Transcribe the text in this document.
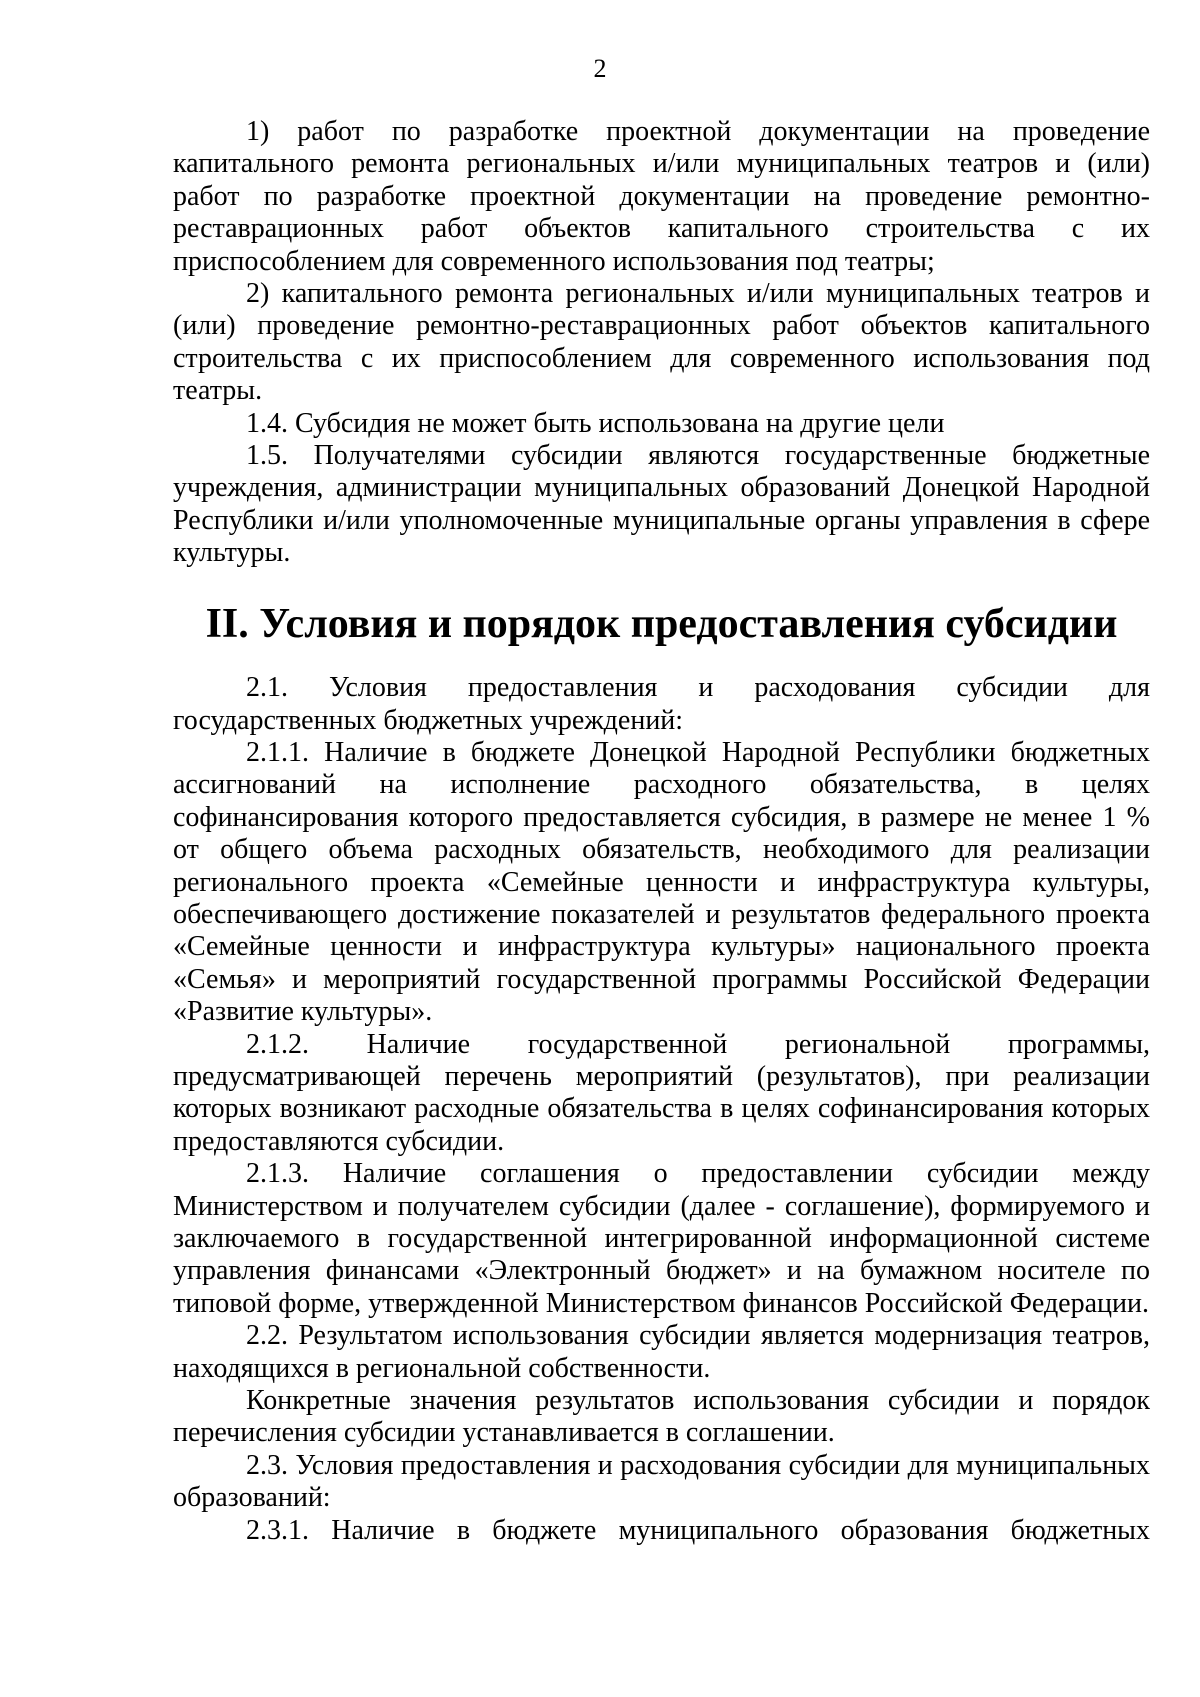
2

1) работ по разработке проектной документации на проведение капитального ремонта региональных и/или муниципальных театров и (или) работ по разработке проектной документации на проведение ремонтно-реставрационных работ объектов капитального строительства с их приспособлением для современного использования под театры;

2) капитального ремонта региональных и/или муниципальных театров и (или) проведение ремонтно-реставрационных работ объектов капитального строительства с их приспособлением для современного использования под театры.

1.4. Субсидия не может быть использована на другие цели

1.5. Получателями субсидии являются государственные бюджетные учреждения, администрации муниципальных образований Донецкой Народной Республики и/или уполномоченные муниципальные органы управления в сфере культуры.

II. Условия и порядок предоставления субсидии

2.1. Условия предоставления и расходования субсидии для государственных бюджетных учреждений:

2.1.1. Наличие в бюджете Донецкой Народной Республики бюджетных ассигнований на исполнение расходного обязательства, в целях софинансирования которого предоставляется субсидия, в размере не менее 1 % от общего объема расходных обязательств, необходимого для реализации регионального проекта «Семейные ценности и инфраструктура культуры, обеспечивающего достижение показателей и результатов федерального проекта «Семейные ценности и инфраструктура культуры» национального проекта «Семья» и мероприятий государственной программы Российской Федерации «Развитие культуры».

2.1.2. Наличие государственной региональной программы, предусматривающей перечень мероприятий (результатов), при реализации которых возникают расходные обязательства в целях софинансирования которых предоставляются субсидии.

2.1.3. Наличие соглашения о предоставлении субсидии между Министерством и получателем субсидии (далее - соглашение), формируемого и заключаемого в государственной интегрированной информационной системе управления финансами «Электронный бюджет» и на бумажном носителе по типовой форме, утвержденной Министерством финансов Российской Федерации.

2.2. Результатом использования субсидии является модернизация театров, находящихся в региональной собственности.

Конкретные значения результатов использования субсидии и порядок перечисления субсидии устанавливается в соглашении.

2.3. Условия предоставления и расходования субсидии для муниципальных образований:

2.3.1. Наличие в бюджете муниципального образования бюджетных
